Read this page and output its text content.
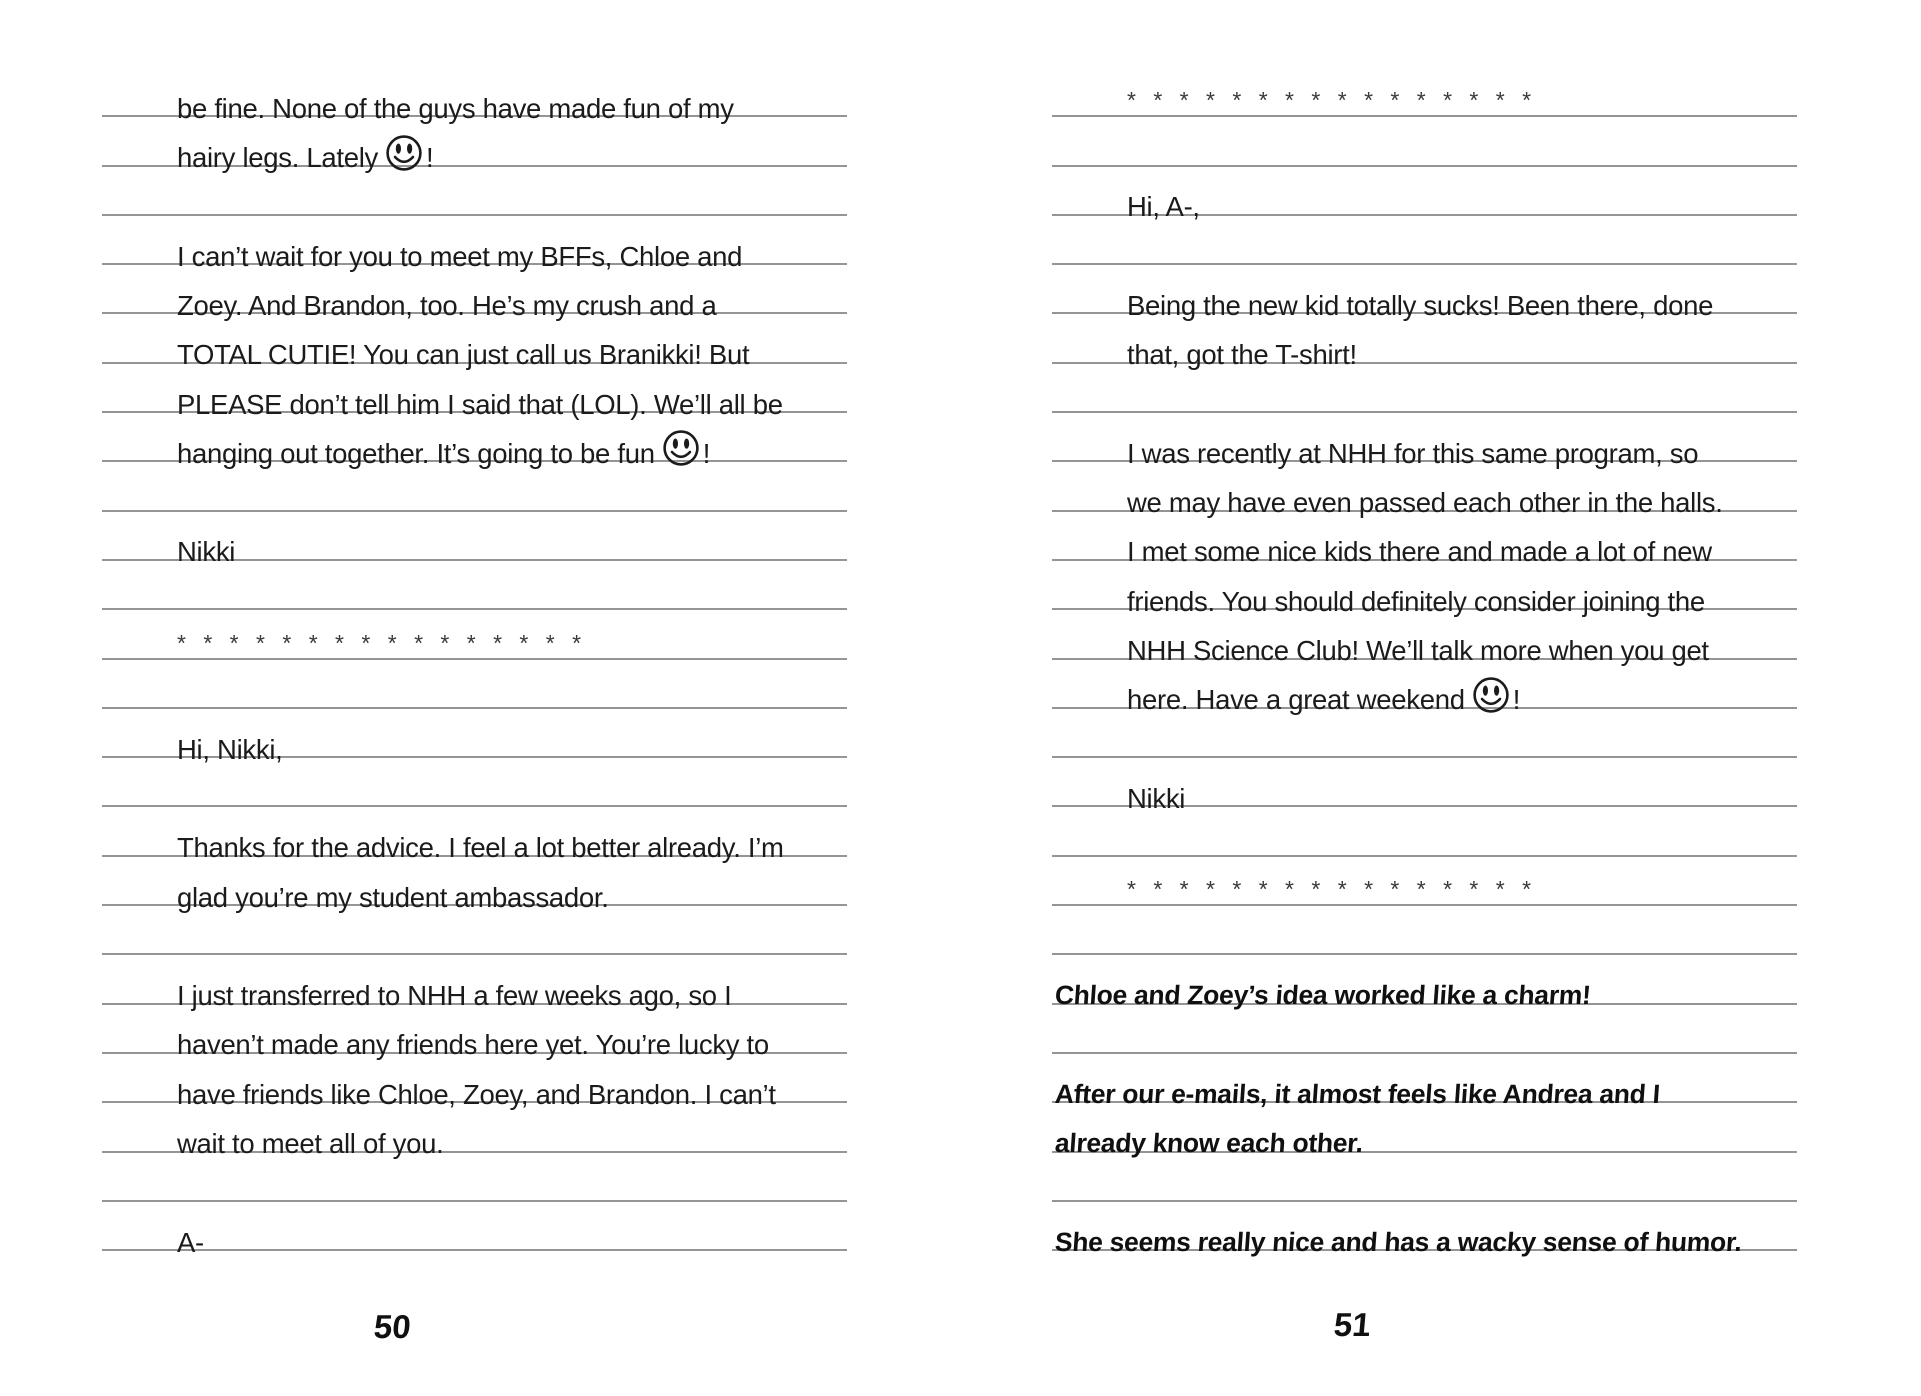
be fine. None of the guys have made fun of my
hairy legs. Lately !
I can’t wait for you to meet my BFFs, Chloe and
Zoey. And Brandon, too. He’s my crush and a
TOTAL CUTIE! You can just call us Branikki! But
PLEASE don’t tell him I said that (LOL). We’ll all be
hanging out together. It’s going to be fun !
Nikki
* * * * * * * * * * * * * * * *
Hi, Nikki,
Thanks for the advice. I feel a lot better already. I’m
glad you’re my student ambassador.
I just transferred to NHH a few weeks ago, so I
haven’t made any friends here yet. You’re lucky to
have friends like Chloe, Zoey, and Brandon. I can’t
wait to meet all of you.
A-
* * * * * * * * * * * * * * * *
Hi, A-,
Being the new kid totally sucks! Been there, done
that, got the T-shirt!
I was recently at NHH for this same program, so
we may have even passed each other in the halls.
I met some nice kids there and made a lot of new
friends. You should definitely consider joining the
NHH Science Club! We’ll talk more when you get
here. Have a great weekend !
Nikki
* * * * * * * * * * * * * * * *
Chloe and Zoey’s idea worked like a charm!
After our e-mails, it almost feels like Andrea and I
already know each other.
She seems really nice and has a wacky sense of humor.
50	51
